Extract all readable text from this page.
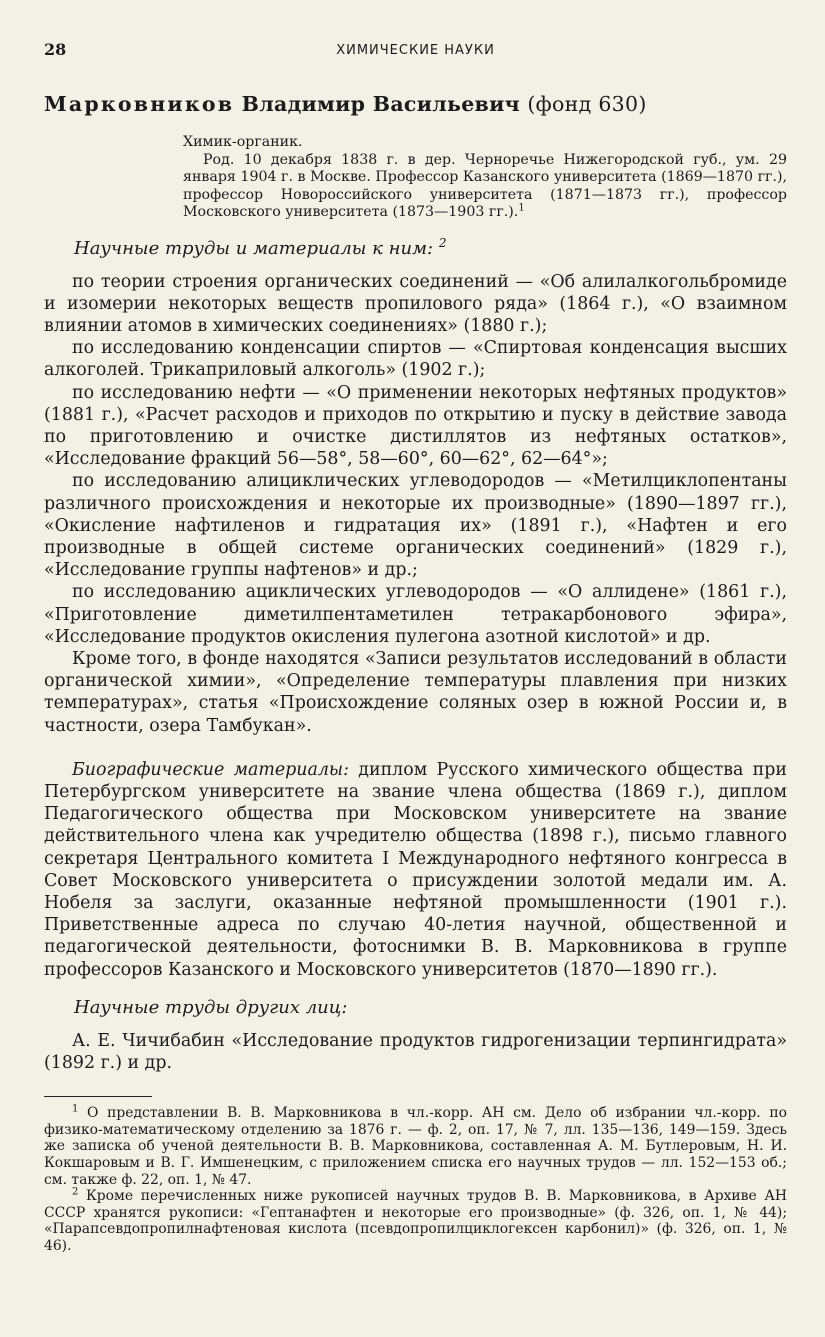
28	ХИМИЧЕСКИЕ НАУКИ
Марковников Владимир Васильевич (фонд 630)

Химик-органик.

Род. 10 декабря 1838 г. в дер. Черноречье Нижегородской губ., ум. 29 января 1904 г. в Москве. Профессор Казанского университета (1869—1870 гг.), профессор Новороссийского университета (1871—1873 гг.), профессор Московского университета (1873—1903 гг.).$^1$

Научные труды и материалы к ним: $^2$

по теории строения органических соединений — «Об алилалкогольбромиде и изомерии некоторых веществ пропилового ряда» (1864 г.), «О взаимном влиянии атомов в химических соединениях» (1880 г.);

по исследованию конденсации спиртов — «Спиртовая конденсация высших алкоголей. Трикаприловый алкоголь» (1902 г.);

по исследованию нефти — «О применении некоторых нефтяных продуктов» (1881 г.), «Расчет расходов и приходов по открытию и пуску в действие завода по приготовлению и очистке дистиллятов из нефтяных остатков», «Исследование фракций 56—58°, 58—60°, 60—62°, 62—64°»;

по исследованию алициклических углеводородов — «Метилциклопентаны различного происхождения и некоторые их производные» (1890—1897 гг.), «Окисление нафтиленов и гидратация их» (1891 г.), «Нафтен и его производные в общей системе органических соединений» (1829 г.), «Исследование группы нафтенов» и др.;

по исследованию ациклических углеводородов — «О аллидене» (1861 г.), «Приготовление диметилпентаметилен тетракарбонового эфира», «Исследование продуктов окисления пулегона азотной кислотой» и др.

Кроме того, в фонде находятся «Записи результатов исследований в области органической химии», «Определение температуры плавления при низких температурах», статья «Происхождение соляных озер в южной России и, в частности, озера Тамбукан».

Биографические материалы: диплом Русского химического общества при Петербургском университете на звание члена общества (1869 г.), диплом Педагогического общества при Московском университете на звание действительного члена как учредителю общества (1898 г.), письмо главного секретаря Центрального комитета I Международного нефтяного конгресса в Совет Московского университета о присуждении золотой медали им. А. Нобеля за заслуги, оказанные нефтяной промышленности (1901 г.). Приветственные адреса по случаю 40-летия научной, общественной и педагогической деятельности, фотоснимки В. В. Марковникова в группе профессоров Казанского и Московского университетов (1870—1890 гг.).

Научные труды других лиц:

А. Е. Чичибабин «Исследование продуктов гидрогенизации терпингидрата» (1892 г.) и др.

$^1$ О представлении В. В. Марковникова в чл.-корр. АН см. Дело об избрании чл.-корр. по физико-математическому отделению за 1876 г. — ф. 2, оп. 17, № 7, лл. 135—136, 149—159. Здесь же записка об ученой деятельности В. В. Марковникова, составленная А. М. Бутлеровым, Н. И. Кокшаровым и В. Г. Имшенецким, с приложением списка его научных трудов — лл. 152—153 об.; см. также ф. 22, оп. 1, № 47.

$^2$ Кроме перечисленных ниже рукописей научных трудов В. В. Марковникова, в Архиве АН СССР хранятся рукописи: «Гептанафтен и некоторые его производные» (ф. 326, оп. 1, № 44); «Парапсевдопропилнафтеновая кислота (псевдопропилциклогексен карбонил)» (ф. 326, оп. 1, № 46).
